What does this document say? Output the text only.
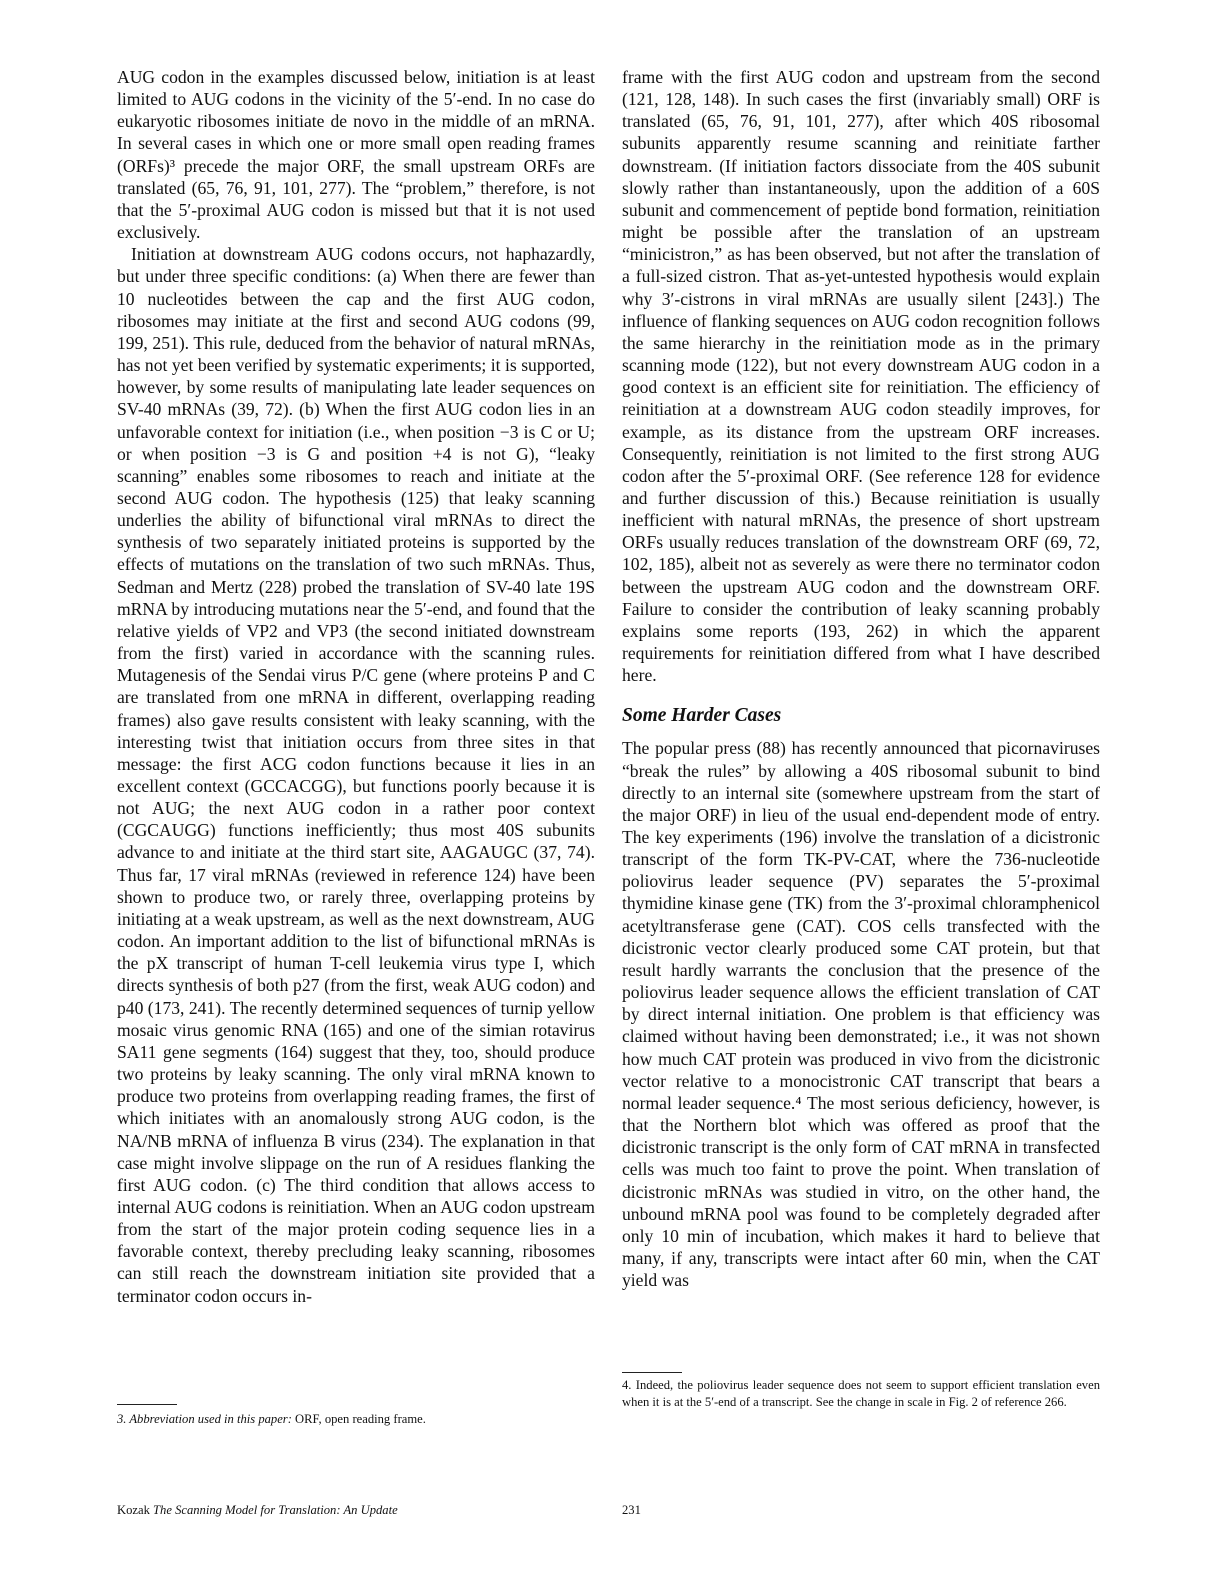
AUG codon in the examples discussed below, initiation is at least limited to AUG codons in the vicinity of the 5′-end. In no case do eukaryotic ribosomes initiate de novo in the middle of an mRNA. In several cases in which one or more small open reading frames (ORFs)³ precede the major ORF, the small upstream ORFs are translated (65, 76, 91, 101, 277). The “problem,” therefore, is not that the 5′-proximal AUG codon is missed but that it is not used exclusively.

Initiation at downstream AUG codons occurs, not haphazardly, but under three specific conditions: (a) When there are fewer than 10 nucleotides between the cap and the first AUG codon, ribosomes may initiate at the first and second AUG codons (99, 199, 251). This rule, deduced from the behavior of natural mRNAs, has not yet been verified by systematic experiments; it is supported, however, by some results of manipulating late leader sequences on SV-40 mRNAs (39, 72). (b) When the first AUG codon lies in an unfavorable context for initiation (i.e., when position −3 is C or U; or when position −3 is G and position +4 is not G), “leaky scanning” enables some ribosomes to reach and initiate at the second AUG codon. The hypothesis (125) that leaky scanning underlies the ability of bifunctional viral mRNAs to direct the synthesis of two separately initiated proteins is supported by the effects of mutations on the translation of two such mRNAs. Thus, Sedman and Mertz (228) probed the translation of SV-40 late 19S mRNA by introducing mutations near the 5′-end, and found that the relative yields of VP2 and VP3 (the second initiated downstream from the first) varied in accordance with the scanning rules. Mutagenesis of the Sendai virus P/C gene (where proteins P and C are translated from one mRNA in different, overlapping reading frames) also gave results consistent with leaky scanning, with the interesting twist that initiation occurs from three sites in that message: the first ACG codon functions because it lies in an excellent context (GCCACGG), but functions poorly because it is not AUG; the next AUG codon in a rather poor context (CGCAUGG) functions inefficiently; thus most 40S subunits advance to and initiate at the third start site, AAGAUGC (37, 74). Thus far, 17 viral mRNAs (reviewed in reference 124) have been shown to produce two, or rarely three, overlapping proteins by initiating at a weak upstream, as well as the next downstream, AUG codon. An important addition to the list of bifunctional mRNAs is the pX transcript of human T-cell leukemia virus type I, which directs synthesis of both p27 (from the first, weak AUG codon) and p40 (173, 241). The recently determined sequences of turnip yellow mosaic virus genomic RNA (165) and one of the simian rotavirus SA11 gene segments (164) suggest that they, too, should produce two proteins by leaky scanning. The only viral mRNA known to produce two proteins from overlapping reading frames, the first of which initiates with an anomalously strong AUG codon, is the NA/NB mRNA of influenza B virus (234). The explanation in that case might involve slippage on the run of A residues flanking the first AUG codon. (c) The third condition that allows access to internal AUG codons is reinitiation. When an AUG codon upstream from the start of the major protein coding sequence lies in a favorable context, thereby precluding leaky scanning, ribosomes can still reach the downstream initiation site provided that a terminator codon occurs in-

frame with the first AUG codon and upstream from the second (121, 128, 148). In such cases the first (invariably small) ORF is translated (65, 76, 91, 101, 277), after which 40S ribosomal subunits apparently resume scanning and reinitiate farther downstream. (If initiation factors dissociate from the 40S subunit slowly rather than instantaneously, upon the addition of a 60S subunit and commencement of peptide bond formation, reinitiation might be possible after the translation of an upstream “minicistron,” as has been observed, but not after the translation of a full-sized cistron. That as-yet-untested hypothesis would explain why 3′-cistrons in viral mRNAs are usually silent [243].) The influence of flanking sequences on AUG codon recognition follows the same hierarchy in the reinitiation mode as in the primary scanning mode (122), but not every downstream AUG codon in a good context is an efficient site for reinitiation. The efficiency of reinitiation at a downstream AUG codon steadily improves, for example, as its distance from the upstream ORF increases. Consequently, reinitiation is not limited to the first strong AUG codon after the 5′-proximal ORF. (See reference 128 for evidence and further discussion of this.) Because reinitiation is usually inefficient with natural mRNAs, the presence of short upstream ORFs usually reduces translation of the downstream ORF (69, 72, 102, 185), albeit not as severely as were there no terminator codon between the upstream AUG codon and the downstream ORF. Failure to consider the contribution of leaky scanning probably explains some reports (193, 262) in which the apparent requirements for reinitiation differed from what I have described here.

Some Harder Cases

The popular press (88) has recently announced that picornaviruses “break the rules” by allowing a 40S ribosomal subunit to bind directly to an internal site (somewhere upstream from the start of the major ORF) in lieu of the usual end-dependent mode of entry. The key experiments (196) involve the translation of a dicistronic transcript of the form TK-PV-CAT, where the 736-nucleotide poliovirus leader sequence (PV) separates the 5′-proximal thymidine kinase gene (TK) from the 3′-proximal chloramphenicol acetyltransferase gene (CAT). COS cells transfected with the dicistronic vector clearly produced some CAT protein, but that result hardly warrants the conclusion that the presence of the poliovirus leader sequence allows the efficient translation of CAT by direct internal initiation. One problem is that efficiency was claimed without having been demonstrated; i.e., it was not shown how much CAT protein was produced in vivo from the dicistronic vector relative to a monocistronic CAT transcript that bears a normal leader sequence.⁴ The most serious deficiency, however, is that the Northern blot which was offered as proof that the dicistronic transcript is the only form of CAT mRNA in transfected cells was much too faint to prove the point. When translation of dicistronic mRNAs was studied in vitro, on the other hand, the unbound mRNA pool was found to be completely degraded after only 10 min of incubation, which makes it hard to believe that many, if any, transcripts were intact after 60 min, when the CAT yield was

3. Abbreviation used in this paper: ORF, open reading frame.
4. Indeed, the poliovirus leader sequence does not seem to support efficient translation even when it is at the 5′-end of a transcript. See the change in scale in Fig. 2 of reference 266.
Kozak The Scanning Model for Translation: An Update	231
